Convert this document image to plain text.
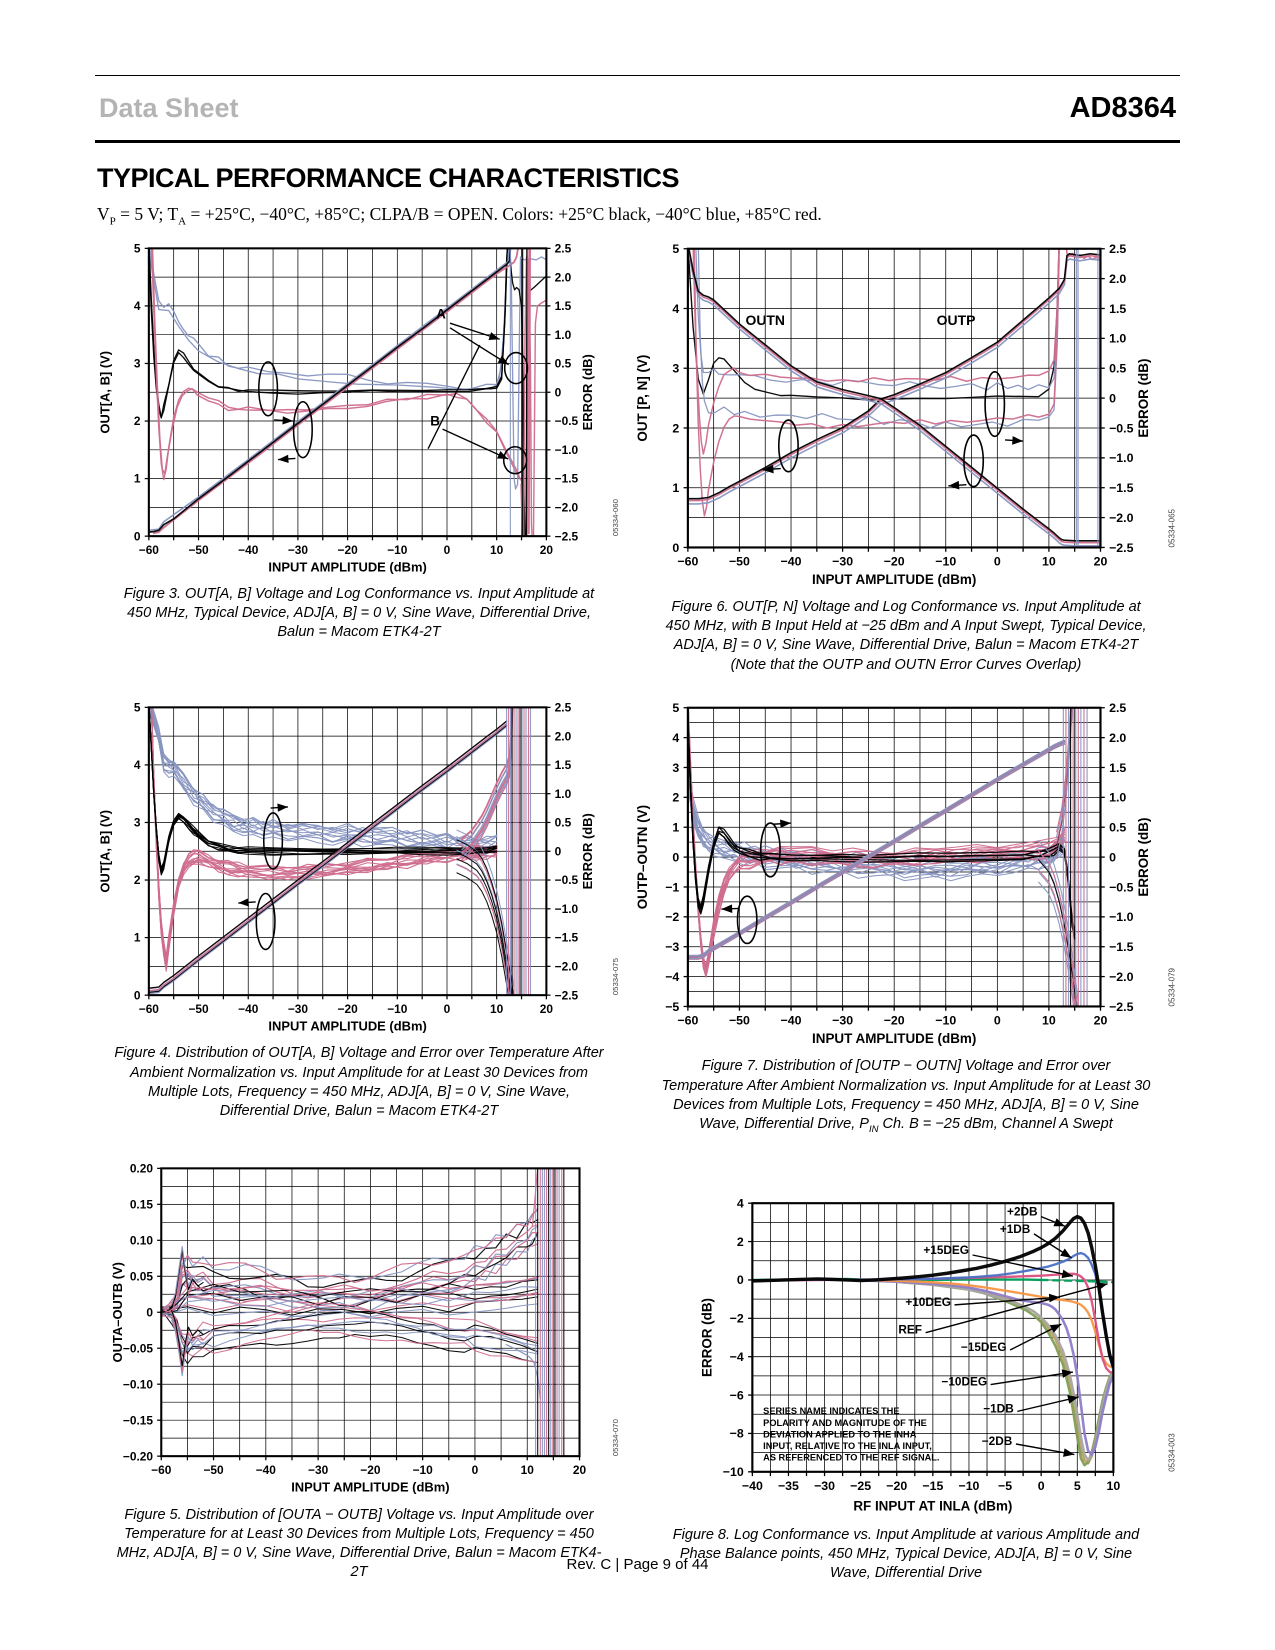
Data Sheet	AD8364
TYPICAL PERFORMANCE CHARACTERISTICS
$V_P = 5$ V; $T_A = +25^\circ C$, −40°C, +85°C; CLPA/B = OPEN. Colors: +25°C black, −40°C blue, +85°C red.
−60	−50	−40	−30	−20	−10	0	10	20
0
1
2
3
4
5	2.5
2.0
1.5
1.0
0.5
0
−0.5
−1.0
−1.5
−2.0
−2.5
OUT[A, B] (V)	ERROR (dB)
INPUT AMPLITUDE (dBm)
A
B
05334-060
Figure 3. OUT[A, B] Voltage and Log Conformance vs. Input Amplitude at 450 MHz, Typical Device, ADJ[A, B] = 0 V, Sine Wave, Differential Drive, Balun = Macom ETK4-2T
−60	−50	−40	−30	−20	−10	0	10	20
0
1
2
3
4
5	2.5
2.0
1.5
1.0
0.5
0
−0.5
−1.0
−1.5
−2.0
−2.5
OUT [P, N] (V)	ERROR (dB)
INPUT AMPLITUDE (dBm)
OUTN	OUTP
05334-065
Figure 6. OUT[P, N] Voltage and Log Conformance vs. Input Amplitude at 450 MHz, with B Input Held at −25 dBm and A Input Swept, Typical Device, ADJ[A, B] = 0 V, Sine Wave, Differential Drive, Balun = Macom ETK4-2T (Note that the OUTP and OUTN Error Curves Overlap)
−60	−50	−40	−30	−20	−10	0	10	20
0
1
2
3
4
5	2.5
2.0
1.5
1.0
0.5
0
−0.5
−1.0
−1.5
−2.0
−2.5
OUT[A, B] (V)	ERROR (dB)
INPUT AMPLITUDE (dBm)
05334-075
Figure 4. Distribution of OUT[A, B] Voltage and Error over Temperature After Ambient Normalization vs. Input Amplitude for at Least 30 Devices from Multiple Lots, Frequency = 450 MHz, ADJ[A, B] = 0 V, Sine Wave, Differential Drive, Balun = Macom ETK4-2T
−60	−50	−40	−30	−20	−10	0	10	20
5
4
3
2
1
0
−1
−2
−3
−4
−5
2.5
2.0
1.5
1.0
0.5
0
−0.5
−1.0
−1.5
−2.0
−2.5
OUTP–OUTN (V)	ERROR (dB)
INPUT AMPLITUDE (dBm)
05334-079
Figure 7. Distribution of [OUTP − OUTN] Voltage and Error over Temperature After Ambient Normalization vs. Input Amplitude for at Least 30 Devices from Multiple Lots, Frequency = 450 MHz, ADJ[A, B] = 0 V, Sine Wave, Differential Drive, $P_{IN}$ Ch. B = −25 dBm, Channel A Swept
−60	−50	−40	−30	−20	−10	0	10	20
0.20
0.15
0.10
0.05
0
−0.05
−0.10
−0.15
−0.20
OUTA–OUTB (V)
INPUT AMPLITUDE (dBm)
05334-070
Figure 5. Distribution of [OUTA − OUTB] Voltage vs. Input Amplitude over Temperature for at Least 30 Devices from Multiple Lots, Frequency = 450 MHz, ADJ[A, B] = 0 V, Sine Wave, Differential Drive, Balun = Macom ETK4-2T
−40 −35 −30 −25 −20 −15 −10 −5 0	5 10
4
2
0
−2
−4
−6
−8
−10
ERROR (dB)
RF INPUT AT INLA (dBm)
+2DB
+1DB
+15DEG
+10DEG
REF
−15DEG
−10DEG
−1DB
−2DB
SERIES NAME INDICATES THE
POLARITY AND MAGNITUDE OF THE
DEVIATION APPLIED TO THE INHA
INPUT, RELATIVE TO THE INLA INPUT,
AS REFERENCED TO THE REF SIGNAL.	05334-003
Figure 8. Log Conformance vs. Input Amplitude at various Amplitude and Phase Balance points, 450 MHz, Typical Device, ADJ[A, B] = 0 V, Sine Wave, Differential Drive
Rev. C | Page 9 of 44
